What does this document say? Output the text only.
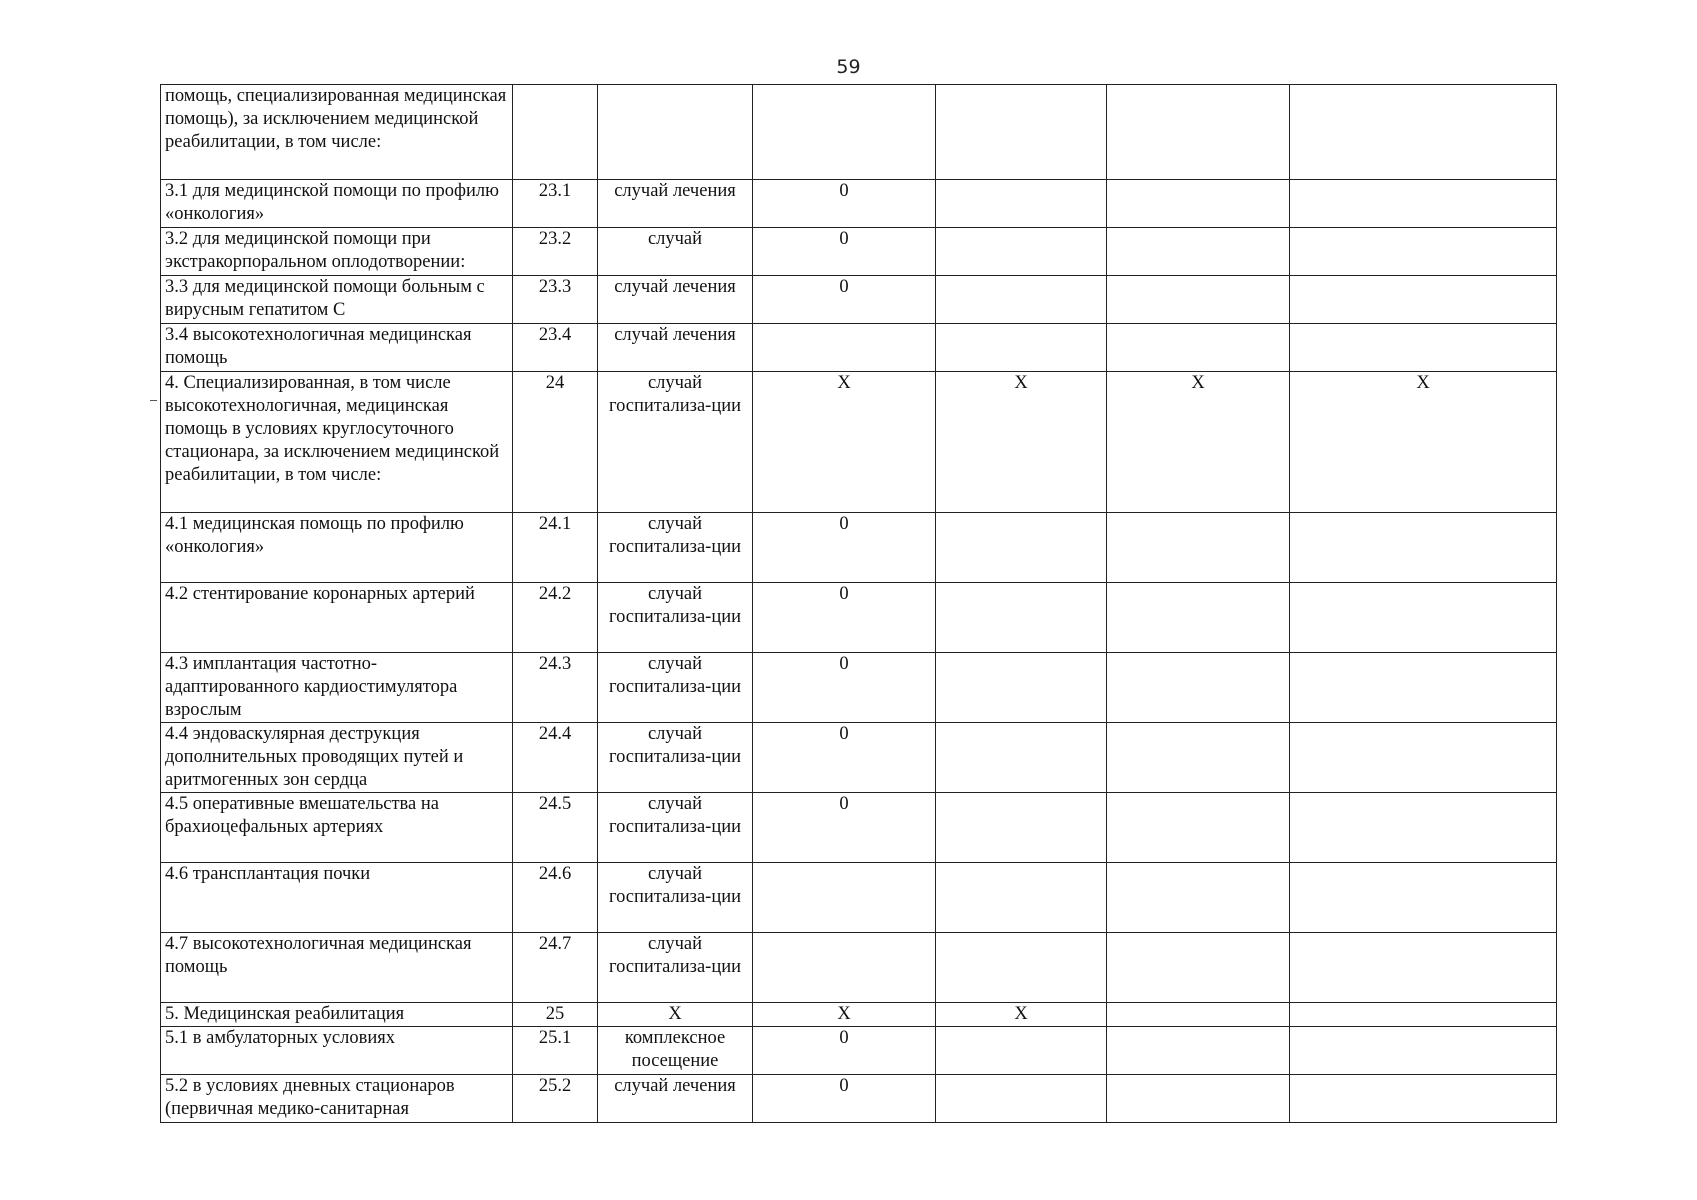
59
помощь, специализированная медицинская помощь), за исключением медицинской реабилитации, в том числе:						
3.1 для медицинской помощи по профилю «онкология»	23.1	случай лечения	0			
3.2 для медицинской помощи при экстракорпоральном оплодотворении:	23.2	случай	0			
3.3 для медицинской помощи больным с вирусным гепатитом С	23.3	случай лечения	0			
3.4 высокотехнологичная медицинская помощь	23.4	случай лечения				
4. Специализированная, в том числе высокотехнологичная, медицинская помощь в условиях круглосуточного стационара, за исключением медицинской реабилитации, в том числе:	24	случай госпитализа-ции	Х	Х	Х	Х
4.1 медицинская помощь по профилю «онкология»	24.1	случай госпитализа-ции	0			
4.2 стентирование коронарных артерий	24.2	случай госпитализа-ции	0			
4.3 имплантация частотно-адаптированного кардиостимулятора взрослым	24.3	случай госпитализа-ции	0			
4.4 эндоваскулярная деструкция дополнительных проводящих путей и аритмогенных зон сердца	24.4	случай госпитализа-ции	0			
4.5 оперативные вмешательства на брахиоцефальных артериях	24.5	случай госпитализа-ции	0			
4.6 трансплантация почки	24.6	случай госпитализа-ции				
4.7 высокотехнологичная медицинская помощь	24.7	случай госпитализа-ции				
5. Медицинская реабилитация	25	Х	Х	Х		
5.1 в амбулаторных условиях	25.1	комплексное посещение	0			
5.2 в условиях дневных стационаров (первичная медико-санитарная	25.2	случай лечения	0			
